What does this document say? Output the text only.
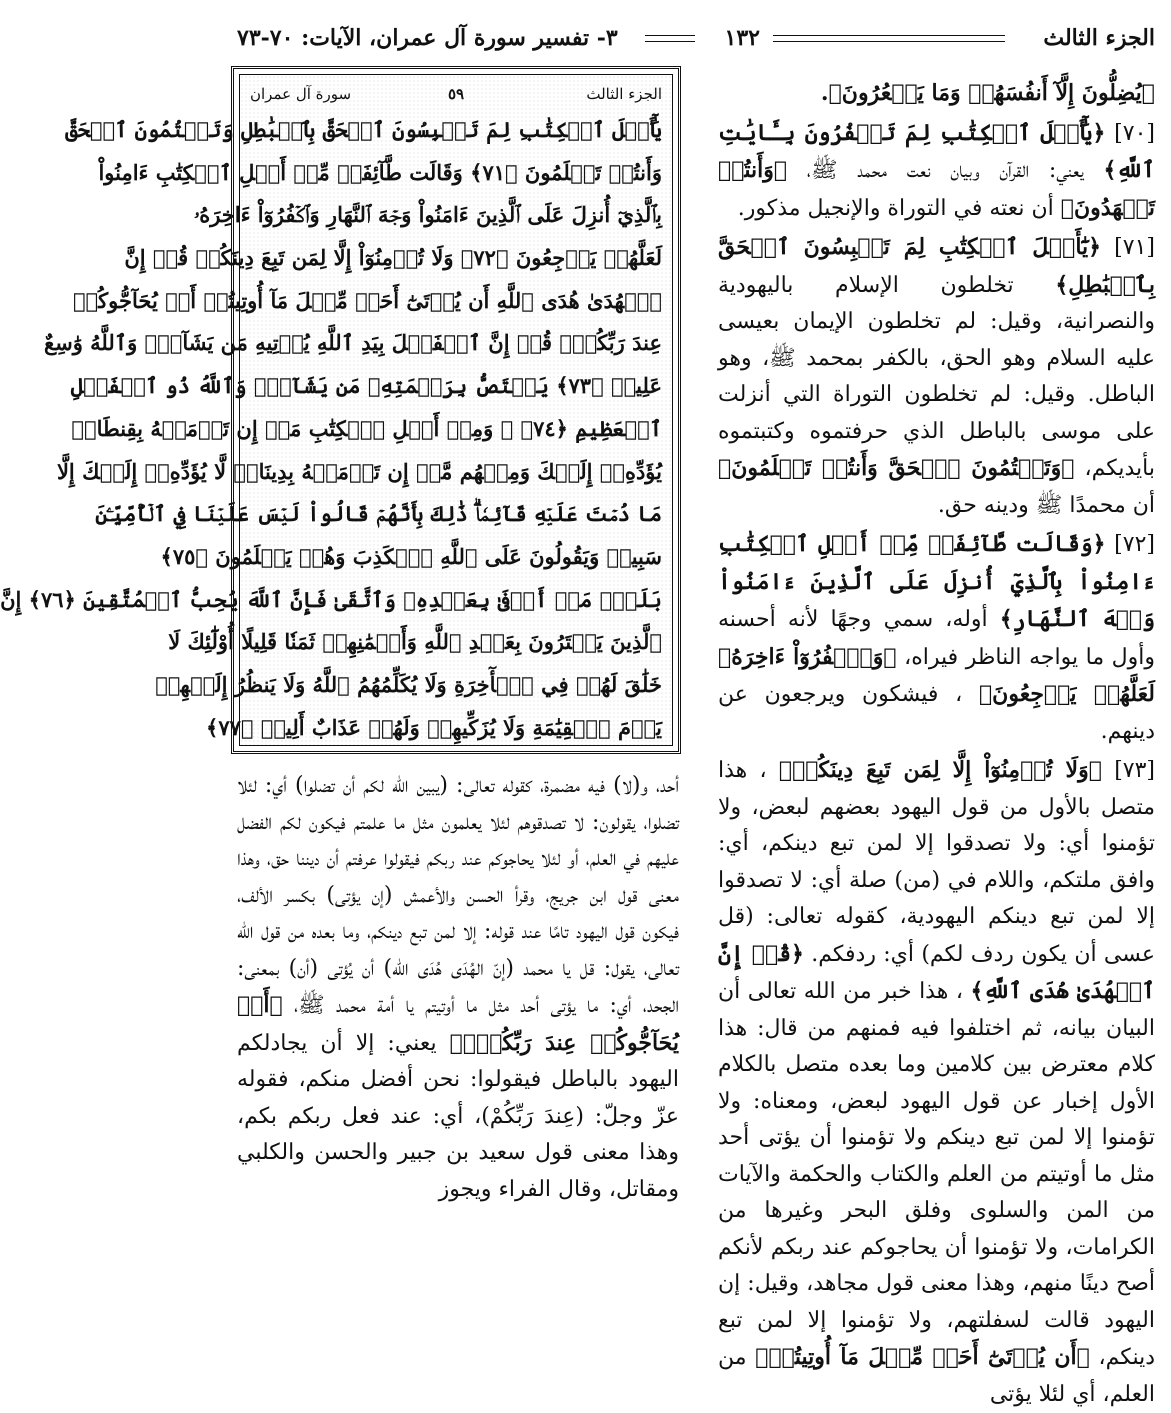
الجزء الثالث
١٣٢
٣- تفسير سورة آل عمران، الآيات: ٧٠-٧٣

﴿يُضِلُّونَ إِلَّآ أَنفُسَهُمۡ وَمَا يَشۡعُرُونَ﴾.

[٧٠] ﴿يَٰٓأَهۡلَ ٱلۡكِتَٰبِ لِمَ تَكۡفُرُونَ بِـَٔايَٰتِ ٱللَّهِ﴾ يعني: القرآن وبيان نعت محمد ﷺ، ﴿وَأَنتُمۡ تَشۡهَدُونَ﴾ أن نعته في التوراة والإنجيل مذكور.

[٧١] ﴿يَٰٓأَهۡلَ ٱلۡكِتَٰبِ لِمَ تَلۡبِسُونَ ٱلۡحَقَّ بِٱلۡبَٰطِلِ﴾ تخلطون الإسلام باليهودية والنصرانية، وقيل: لم تخلطون الإيمان بعيسى عليه السلام وهو الحق، بالكفر بمحمد ﷺ، وهو الباطل. وقيل: لم تخلطون التوراة التي أنزلت على موسى بالباطل الذي حرفتموه وكتبتموه بأيديكم، ﴿وَتَكۡتُمُونَ ٱلۡحَقَّ وَأَنتُمۡ تَعۡلَمُونَ﴾ أن محمدًا ﷺ ودينه حق.

[٧٢] ﴿وَقَالَت طَّآئِفَةٞ مِّنۡ أَهۡلِ ٱلۡكِتَٰبِ ءَامِنُواْ بِٱلَّذِيٓ أُنزِلَ عَلَى ٱلَّذِينَ ءَامَنُواْ وَجۡهَ ٱلنَّهَارِ﴾ أوله، سمي وجهًا لأنه أحسنه وأول ما يواجه الناظر فيراه، ﴿وَٱكۡفُرُوٓاْ ءَاخِرَهُۥ لَعَلَّهُمۡ يَرۡجِعُونَ﴾ ، فيشكون ويرجعون عن دينهم.

[٧٣] ﴿وَلَا تُؤۡمِنُوٓاْ إِلَّا لِمَن تَبِعَ دِينَكُمۡ﴾ ، هذا متصل بالأول من قول اليهود بعضهم لبعض، ولا تؤمنوا أي: ولا تصدقوا إلا لمن تبع دينكم، أي: وافق ملتكم، واللام في (من) صلة أي: لا تصدقوا إلا لمن تبع دينكم اليهودية، كقوله تعالى: (قل عسى أن يكون ردف لكم) أي: ردفكم. ﴿قُلۡ إِنَّ ٱلۡهُدَىٰ هُدَى ٱللَّهِ﴾ ، هذا خبر من الله تعالى أن البيان بيانه، ثم اختلفوا فيه فمنهم من قال: هذا كلام معترض بين كلامين وما بعده متصل بالكلام الأول إخبار عن قول اليهود لبعض، ومعناه: ولا تؤمنوا إلا لمن تبع دينكم ولا تؤمنوا أن يؤتى أحد مثل ما أوتيتم من العلم والكتاب والحكمة والآيات من المن والسلوى وفلق البحر وغيرها من الكرامات، ولا تؤمنوا أن يحاجوكم عند ربكم لأنكم أصح دينًا منهم، وهذا معنى قول مجاهد، وقيل: إن اليهود قالت لسفلتهم، ولا تؤمنوا إلا لمن تبع دينكم، ﴿أَن يُؤۡتَىٰٓ أَحَدٞ مِّثۡلَ مَآ أُوتِيتُمۡ﴾ من العلم، أي لئلا يؤتى

الجزء الثالث
٥٩
سورة آل عمران
يَٰٓأَهۡلَ ٱلۡكِتَٰبِ لِمَ تَلۡبِسُونَ ٱلۡحَقَّ بِٱلۡبَٰطِلِ وَتَكۡتُمُونَ ٱلۡحَقَّ
وَأَنتُمۡ تَعۡلَمُونَ ﴿٧١﴾ وَقَالَت طَّآئِفَةٞ مِّنۡ أَهۡلِ ٱلۡكِتَٰبِ ءَامِنُواْ
بِٱلَّذِيٓ أُنزِلَ عَلَى ٱلَّذِينَ ءَامَنُواْ وَجۡهَ ٱلنَّهَارِ وَٱكۡفُرُوٓاْ ءَاخِرَهُۥ
لَعَلَّهُمۡ يَرۡجِعُونَ ﴿٧٢﴾ وَلَا تُؤۡمِنُوٓاْ إِلَّا لِمَن تَبِعَ دِينَكُمۡ قُلۡ إِنَّ
ٱلۡهُدَىٰ هُدَى ٱللَّهِ أَن يُؤۡتَىٰٓ أَحَدٞ مِّثۡلَ مَآ أُوتِيتُمۡ أَوۡ يُحَآجُّوكُمۡ
عِندَ رَبِّكُمۡۗ قُلۡ إِنَّ ٱلۡفَضۡلَ بِيَدِ ٱللَّهِ يُؤۡتِيهِ مَن يَشَآءُۗ وَٱللَّهُ وَٰسِعٌ
عَلِيمٞ ﴿٧٣﴾ يَخۡتَصُّ بِرَحۡمَتِهِۦ مَن يَشَآءُۗ وَٱللَّهُ ذُو ٱلۡفَضۡلِ
ٱلۡعَظِيمِ ﴿٧٤﴾ ۞ وَمِنۡ أَهۡلِ ٱلۡكِتَٰبِ مَنۡ إِن تَأۡمَنۡهُ بِقِنطَارٖ
يُؤَدِّهِۦٓ إِلَيۡكَ وَمِنۡهُم مَّنۡ إِن تَأۡمَنۡهُ بِدِينَارٖ لَّا يُؤَدِّهِۦٓ إِلَيۡكَ إِلَّا
مَا دُمۡتَ عَلَيۡهِ قَآئِمٗاۗ ذَٰلِكَ بِأَنَّهُمۡ قَالُواْ لَيۡسَ عَلَيۡنَا فِي ٱلۡأُمِّيِّـۧنَ
سَبِيلٞ وَيَقُولُونَ عَلَى ٱللَّهِ ٱلۡكَذِبَ وَهُمۡ يَعۡلَمُونَ ﴿٧٥﴾
بَلَىٰۚ مَنۡ أَوۡفَىٰ بِعَهۡدِهِۦ وَٱتَّقَىٰ فَإِنَّ ٱللَّهَ يُحِبُّ ٱلۡمُتَّقِينَ ﴿٧٦﴾ إِنَّ
ٱلَّذِينَ يَشۡتَرُونَ بِعَهۡدِ ٱللَّهِ وَأَيۡمَٰنِهِمۡ ثَمَنٗا قَلِيلًا أُوْلَٰٓئِكَ لَا
خَلَٰقَ لَهُمۡ فِي ٱلۡأٓخِرَةِ وَلَا يُكَلِّمُهُمُ ٱللَّهُ وَلَا يَنظُرُ إِلَيۡهِمۡ
يَوۡمَ ٱلۡقِيَٰمَةِ وَلَا يُزَكِّيهِمۡ وَلَهُمۡ عَذَابٌ أَلِيمٞ ﴿٧٧﴾

أحد، و(لا) فيه مضمرة، كقوله تعالى: (يبين الله لكم أن تضلوا) أي: لئلا تضلوا، يقولون: لا تصدقوهم لئلا يعلمون مثل ما علمتم فيكون لكم الفضل عليهم في العلم، أو لئلا يحاجوكم عند ربكم فيقولوا عرفتم أن ديننا حق، وهذا معنى قول ابن جريج، وقرأ الحسن والأعمش (إن يؤتى) بكسر الألف، فيكون قول اليهود تامًا عند قوله: إلا لمن تبع دينكم، وما بعده من قول الله تعالى، يقول: قل يا محمد (إنّ الهُدَى هُدَى الله) أن يُؤتى (أن) بمعنى: الجحد، أي: ما يؤتى أحد مثل ما أوتيتم يا أمة محمد ﷺ، ﴿أَوۡ يُحَآجُّوكُمۡ عِندَ رَبِّكُمۡۗ﴾ يعني: إلا أن يجادلكم اليهود بالباطل فيقولوا: نحن أفضل منكم، فقوله عزّ وجلّ: (عِندَ رَبِّكُمْ)، أي: عند فعل ربكم بكم، وهذا معنى قول سعيد بن جبير والحسن والكلبي ومقاتل، وقال الفراء ويجوز
